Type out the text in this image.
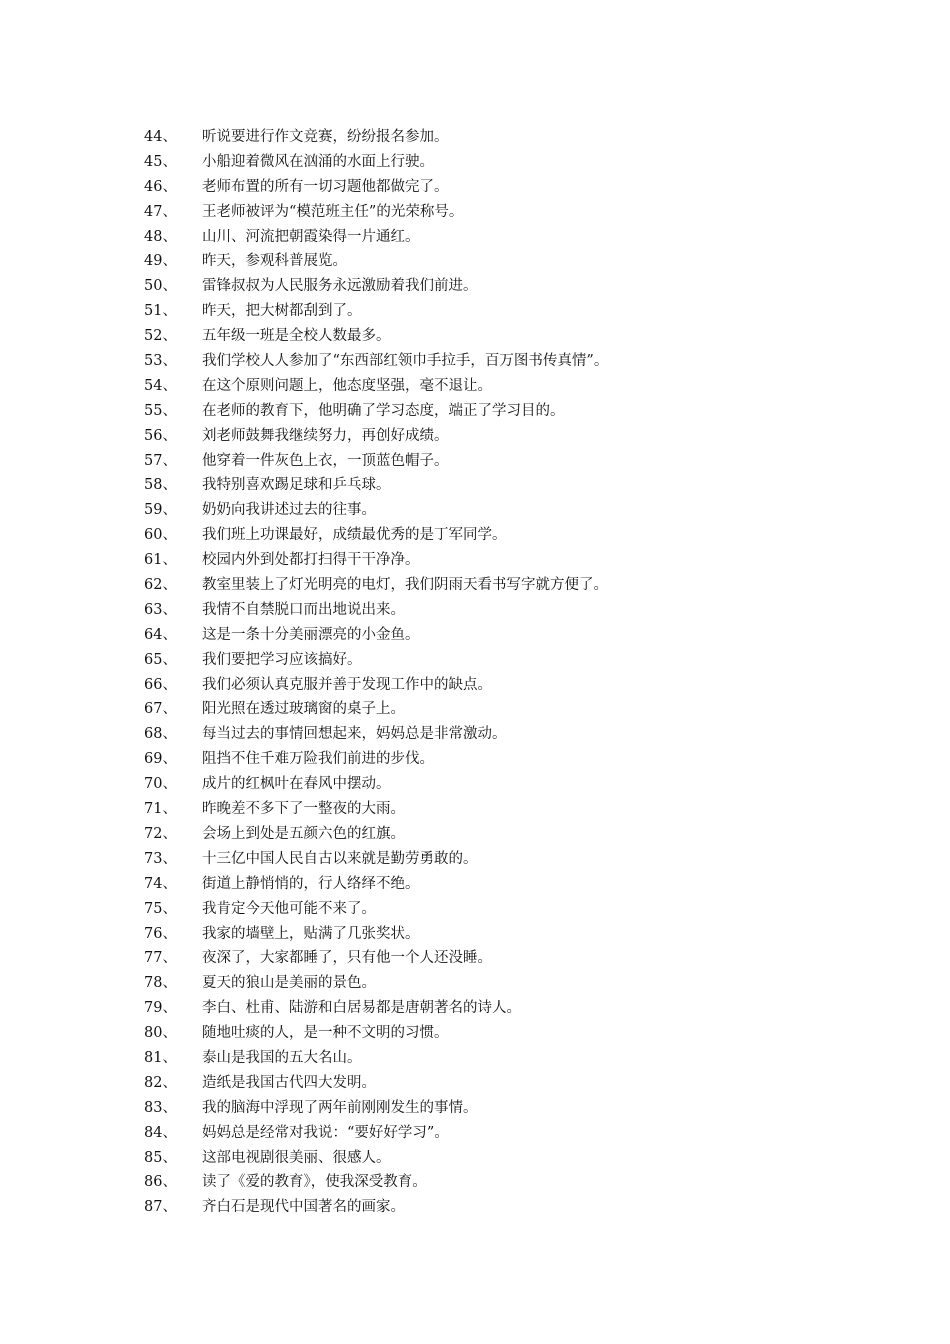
44、	听说要进行作文竞赛，纷纷报名参加。
45、	小船迎着微风在汹涌的水面上行驶。
46、	老师布置的所有一切习题他都做完了。
47、	王老师被评为“模范班主任”的光荣称号。
48、	山川、河流把朝霞染得一片通红。
49、	昨天，参观科普展览。
50、	雷锋叔叔为人民服务永远激励着我们前进。
51、	昨天，把大树都刮到了。
52、	五年级一班是全校人数最多。
53、	我们学校人人参加了“东西部红领巾手拉手，百万图书传真情”。
54、	在这个原则问题上，他态度坚强，毫不退让。
55、	在老师的教育下，他明确了学习态度，端正了学习目的。
56、	刘老师鼓舞我继续努力，再创好成绩。
57、	他穿着一件灰色上衣，一顶蓝色帽子。
58、	我特别喜欢踢足球和乒乓球。
59、	奶奶向我讲述过去的往事。
60、	我们班上功课最好，成绩最优秀的是丁军同学。
61、	校园内外到处都打扫得干干净净。
62、	教室里装上了灯光明亮的电灯，我们阴雨天看书写字就方便了。
63、	我情不自禁脱口而出地说出来。
64、	这是一条十分美丽漂亮的小金鱼。
65、	我们要把学习应该搞好。
66、	我们必须认真克服并善于发现工作中的缺点。
67、	阳光照在透过玻璃窗的桌子上。
68、	每当过去的事情回想起来，妈妈总是非常激动。
69、	阻挡不住千难万险我们前进的步伐。
70、	成片的红枫叶在春风中摆动。
71、	昨晚差不多下了一整夜的大雨。
72、	会场上到处是五颜六色的红旗。
73、	十三亿中国人民自古以来就是勤劳勇敢的。
74、	街道上静悄悄的，行人络绎不绝。
75、	我肯定今天他可能不来了。
76、	我家的墙壁上，贴满了几张奖状。
77、	夜深了，大家都睡了，只有他一个人还没睡。
78、	夏天的狼山是美丽的景色。
79、	李白、杜甫、陆游和白居易都是唐朝著名的诗人。
80、	随地吐痰的人，是一种不文明的习惯。
81、	泰山是我国的五大名山。
82、	造纸是我国古代四大发明。
83、	我的脑海中浮现了两年前刚刚发生的事情。
84、	妈妈总是经常对我说：“要好好学习”。
85、	这部电视剧很美丽、很感人。
86、	读了《爱的教育》，使我深受教育。
87、	齐白石是现代中国著名的画家。
